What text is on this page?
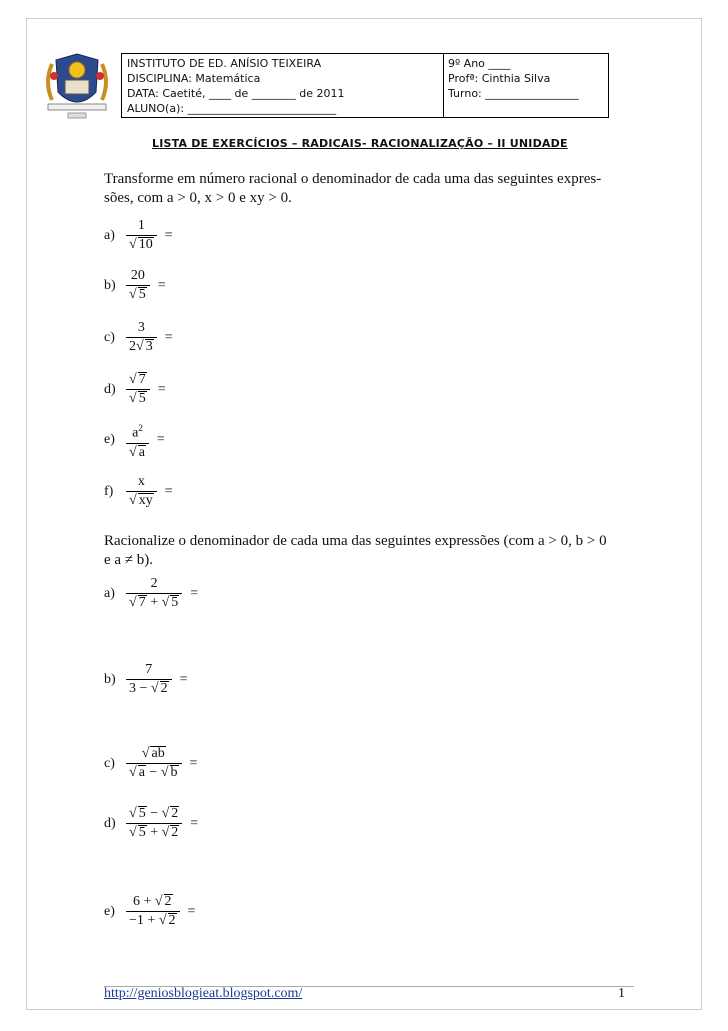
INSTITUTO DE ED. ANÍSIO TEIXEIRA
DISCIPLINA: Matemática
DATA: Caetité, ____ de ________ de 2011
ALUNO(a): ___________________________
9º Ano ____
Profª: Cinthia Silva
Turno: _________________
LISTA DE EXERCÍCIOS – RADICAIS- RACIONALIZAÇÃO – II UNIDADE
Transforme em número racional o denominador de cada uma das seguintes expres-
sões, com a > 0, x > 0 e xy > 0.
$a) \frac{1}{√ 10}$ =
$b) \frac{20}{√ 5}$ =
$c) \frac{3}{2√ 3}$ =
$d) \frac{√ 7}{√ 5}$ =
$e) \frac{a^2}{√ a}$ =
$f) \frac{x}{√ xy}$ =
Racionalize o denominador de cada uma das seguintes expressões (com a > 0, b > 0
e a ≠ b).
$a) \frac{2}{√ 7 + √ 5}$ =
$b) \frac{7}{3 - √ 2}$ =
$c) \frac{√ ab}{√ a - √ b}$ =
$d) \frac{√ 5 - √ 2}{√ 5 + √ 2}$ =
$e) \frac{6 + √ 2}{-1 + √ 2}$ =
http://geniosblogieat.blogspot.com/	1
